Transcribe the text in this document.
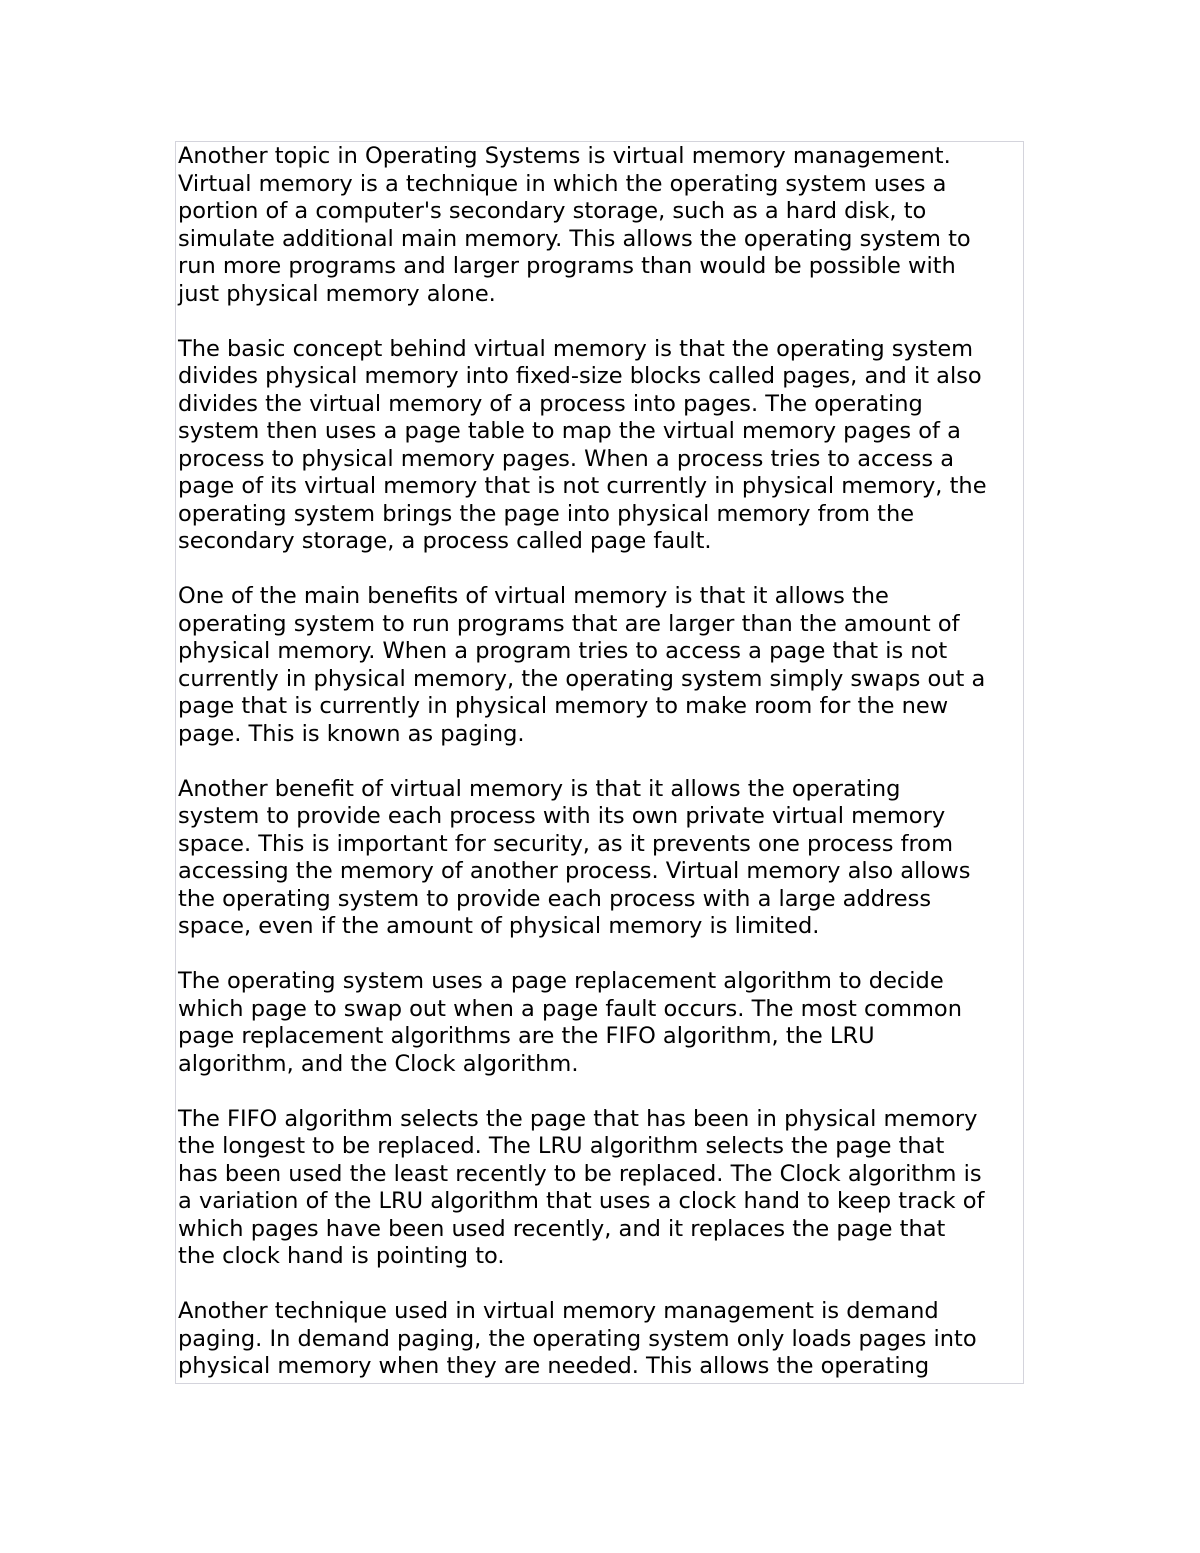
Another topic in Operating Systems is virtual memory management.
Virtual memory is a technique in which the operating system uses a
portion of a computer's secondary storage, such as a hard disk, to
simulate additional main memory. This allows the operating system to
run more programs and larger programs than would be possible with
just physical memory alone.
The basic concept behind virtual memory is that the operating system
divides physical memory into fixed-size blocks called pages, and it also
divides the virtual memory of a process into pages. The operating
system then uses a page table to map the virtual memory pages of a
process to physical memory pages. When a process tries to access a
page of its virtual memory that is not currently in physical memory, the
operating system brings the page into physical memory from the
secondary storage, a process called page fault.
One of the main benefits of virtual memory is that it allows the
operating system to run programs that are larger than the amount of
physical memory. When a program tries to access a page that is not
currently in physical memory, the operating system simply swaps out a
page that is currently in physical memory to make room for the new
page. This is known as paging.
Another benefit of virtual memory is that it allows the operating
system to provide each process with its own private virtual memory
space. This is important for security, as it prevents one process from
accessing the memory of another process. Virtual memory also allows
the operating system to provide each process with a large address
space, even if the amount of physical memory is limited.
The operating system uses a page replacement algorithm to decide
which page to swap out when a page fault occurs. The most common
page replacement algorithms are the FIFO algorithm, the LRU
algorithm, and the Clock algorithm.
The FIFO algorithm selects the page that has been in physical memory
the longest to be replaced. The LRU algorithm selects the page that
has been used the least recently to be replaced. The Clock algorithm is
a variation of the LRU algorithm that uses a clock hand to keep track of
which pages have been used recently, and it replaces the page that
the clock hand is pointing to.
Another technique used in virtual memory management is demand
paging. In demand paging, the operating system only loads pages into
physical memory when they are needed. This allows the operating
